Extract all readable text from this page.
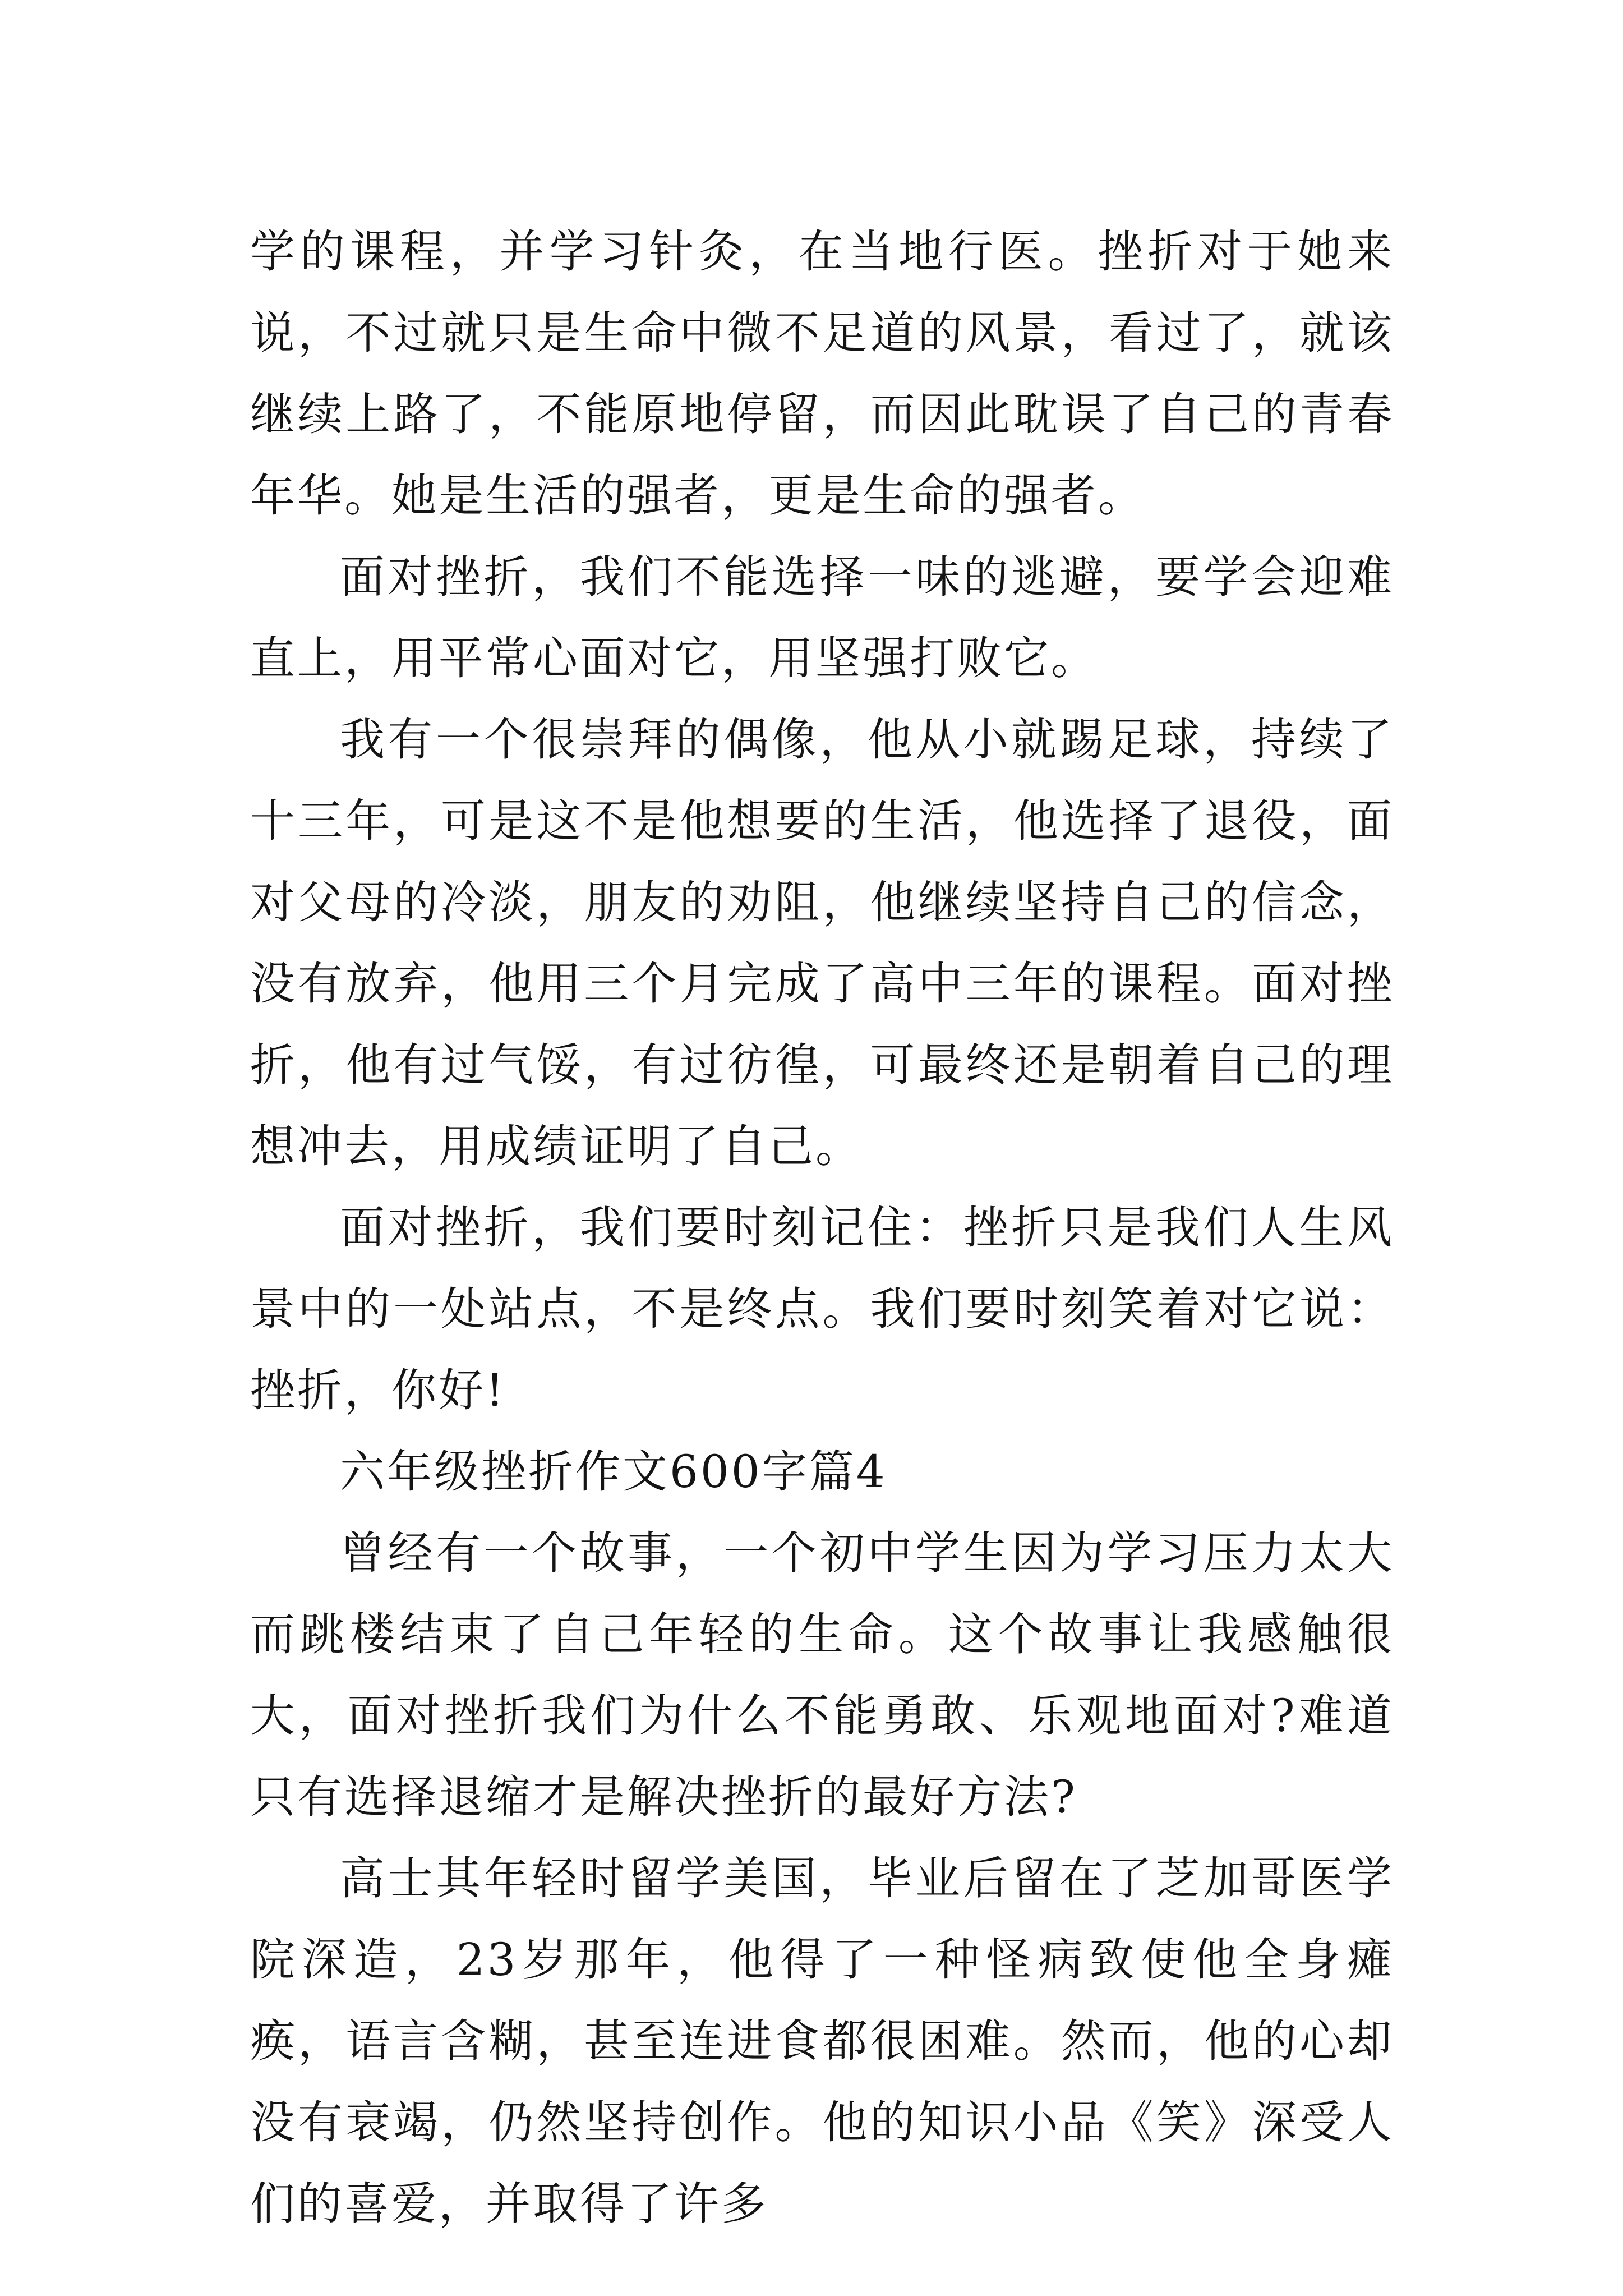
学的课程，并学习针灸，在当地行医。挫折对于她来说，不过就只是生命中微不足道的风景，看过了，就该继续上路了，不能原地停留，而因此耽误了自己的青春年华。她是生活的强者，更是生命的强者。

面对挫折，我们不能选择一味的逃避，要学会迎难直上，用平常心面对它，用坚强打败它。

我有一个很崇拜的偶像，他从小就踢足球，持续了十三年，可是这不是他想要的生活，他选择了退役，面对父母的冷淡，朋友的劝阻，他继续坚持自己的信念，没有放弃，他用三个月完成了高中三年的课程。面对挫折，他有过气馁，有过彷徨，可最终还是朝着自己的理想冲去，用成绩证明了自己。

面对挫折，我们要时刻记住：挫折只是我们人生风景中的一处站点，不是终点。我们要时刻笑着对它说：挫折，你好!

六年级挫折作文600字篇4

曾经有一个故事，一个初中学生因为学习压力太大而跳楼结束了自己年轻的生命。这个故事让我感触很大，面对挫折我们为什么不能勇敢、乐观地面对?难道只有选择退缩才是解决挫折的最好方法?

高士其年轻时留学美国，毕业后留在了芝加哥医学院深造，23岁那年，他得了一种怪病致使他全身瘫痪，语言含糊，甚至连进食都很困难。然而，他的心却没有衰竭，仍然坚持创作。他的知识小品《笑》深受人们的喜爱，并取得了许多
